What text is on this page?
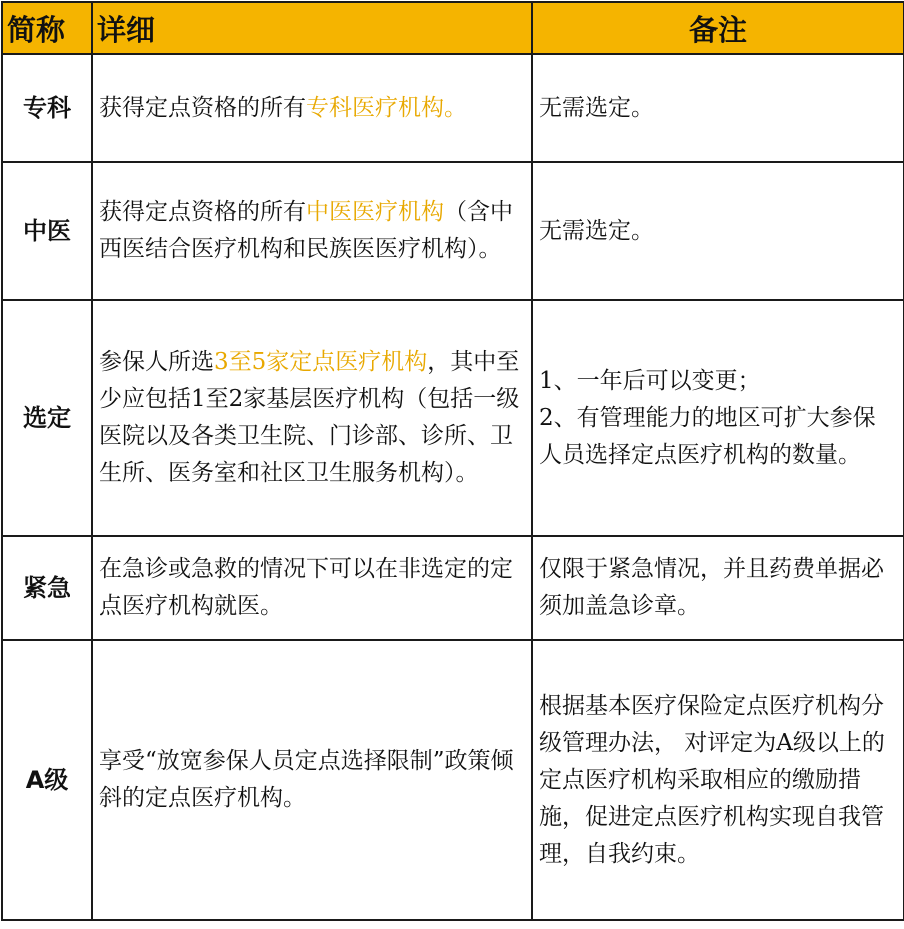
简称	详细	备注
专科	获得定点资格的所有专科医疗机构。	无需选定。
中医	获得定点资格的所有中医医疗机构（含中西医结合医疗机构和民族医医疗机构）。	无需选定。
选定	参保人所选3至5家定点医疗机构，其中至少应包括1至2家基层医疗机构（包括一级医院以及各类卫生院、门诊部、诊所、卫生所、医务室和社区卫生服务机构）。	1、一年后可以变更；
2、有管理能力的地区可扩大参保人员选择定点医疗机构的数量。

紧急	在急诊或急救的情况下可以在非选定的定点医疗机构就医。	仅限于紧急情况，并且药费单据必须加盖急诊章。
A级	享受“放宽参保人员定点选择限制”政策倾斜的定点医疗机构。	根据基本医疗保险定点医疗机构分级管理办法， 对评定为A级以上的定点医疗机构采取相应的缴励措施，促进定点医疗机构实现自我管理，自我约束。
